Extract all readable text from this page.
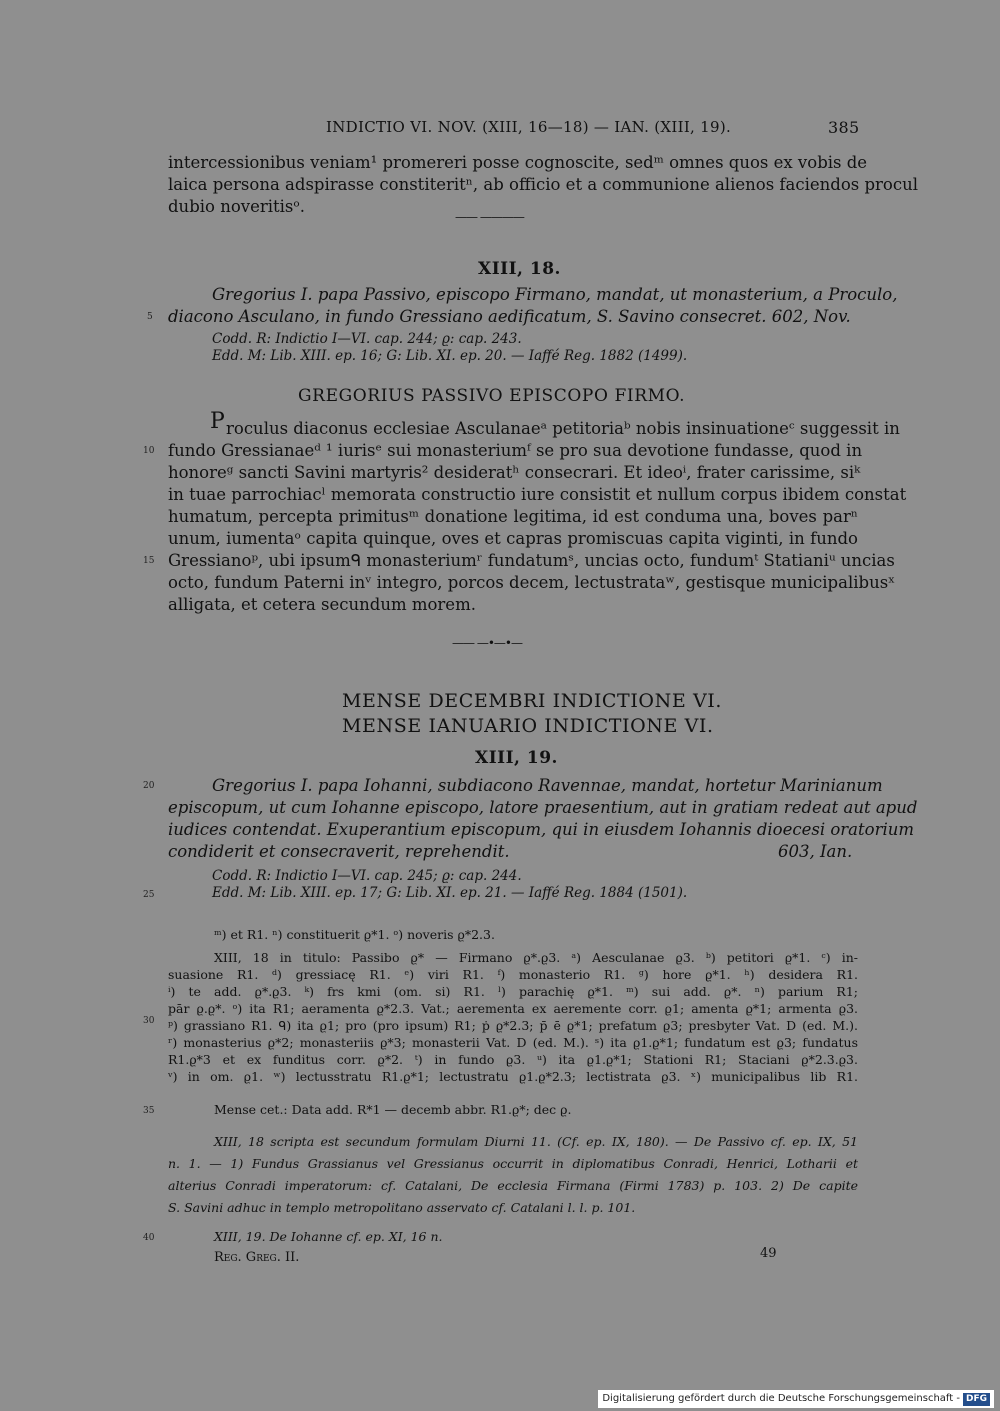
INDICTIO VI. NOV. (XIII, 16—18) — IAN. (XIII, 19).	385
intercessionibus veniam¹ promereri posse cognoscite, sedᵐ omnes quos ex vobis de
laica persona adspirasse constiteritⁿ, ab officio et a communione alienos faciendos procul
dubio noveritisᵒ.
—— ————
XIII, 18.
Gregorius I. papa Passivo, episcopo Firmano, mandat, ut monasterium, a Proculo,
diacono Asculano, in fundo Gressiano aedificatum, S. Savino consecret. 602, Nov.
Codd. R: Indictio I—VI. cap. 244; ϱ: cap. 243.
Edd. M: Lib. XIII. ep. 16; G: Lib. XI. ep. 20. — Iaffé Reg. 1882 (1499).
GREGORIUS PASSIVO EPISCOPO FIRMO.
P roculus diaconus ecclesiae Asculanaeᵃ petitoriaᵇ nobis insinuationeᶜ suggessit in
fundo Gressianaeᵈ ¹ iurisᵉ sui monasteriumᶠ se pro sua devotione fundasse, quod in
honoreᵍ sancti Savini martyris² desideratʰ consecrari. Et ideoⁱ, frater carissime, siᵏ
in tuae parrochiacˡ memorata constructio iure consistit et nullum corpus ibidem constat
humatum, percepta primitusᵐ donatione legitima, id est conduma una, boves parⁿ
unum, iumentaᵒ capita quinque, oves et capras promiscuas capita viginti, in fundo
Gressianoᵖ, ubi ipsumᑫ monasteriumʳ fundatumˢ, uncias octo, fundumᵗ Statianiᵘ uncias
octo, fundum Paterni inᵛ integro, porcos decem, lectustrataʷ, gestisque municipalibusˣ
alligata, et cetera secundum morem.
—— —•—•—
MENSE DECEMBRI INDICTIONE VI.
MENSE IANUARIO INDICTIONE VI.
XIII, 19.
Gregorius I. papa Iohanni, subdiacono Ravennae, mandat, hortetur Marinianum
episcopum, ut cum Iohanne episcopo, latore praesentium, aut in gratiam redeat aut apud
iudices contendat. Exuperantium episcopum, qui in eiusdem Iohannis dioecesi oratorium
condiderit et consecraverit, reprehendit.	603, Ian.
Codd. R: Indictio I—VI. cap. 245; ϱ: cap. 244.
Edd. M: Lib. XIII. ep. 17; G: Lib. XI. ep. 21. — Iaffé Reg. 1884 (1501).
ᵐ) et R1. ⁿ) constituerit ϱ*1. ᵒ) noveris ϱ*2.3.
XIII, 18 in titulo: Passibo ϱ* — Firmano ϱ*.ϱ3. ᵃ) Aesculanae ϱ3. ᵇ) petitori ϱ*1. ᶜ) in-
suasione R1. ᵈ) gressiacę R1. ᵉ) viri R1. ᶠ) monasterio R1. ᵍ) hore ϱ*1. ʰ) desidera R1.
ⁱ) te add. ϱ*.ϱ3. ᵏ) frs kmi (om. si) R1. ˡ) parachię ϱ*1. ᵐ) sui add. ϱ*. ⁿ) parium R1;
pār ϱ.ϱ*. ᵒ) ita R1; aeramenta ϱ*2.3. Vat.; aerementa ex aeremente corr. ϱ1; amenta ϱ*1; armenta ϱ3.
ᵖ) grassiano R1. ᑫ) ita ϱ1; pro (pro ipsum) R1; ṗ ϱ*2.3; p̄ ē ϱ*1; prefatum ϱ3; presbyter Vat. D (ed. M.).
ʳ) monasterius ϱ*2; monasteriis ϱ*3; monasterii Vat. D (ed. M.). ˢ) ita ϱ1.ϱ*1; fundatum est ϱ3; fundatus
R1.ϱ*3 et ex funditus corr. ϱ*2. ᵗ) in fundo ϱ3. ᵘ) ita ϱ1.ϱ*1; Stationi R1; Staciani ϱ*2.3.ϱ3.
ᵛ) in om. ϱ1. ʷ) lectusstratu R1.ϱ*1; lectustratu ϱ1.ϱ*2.3; lectistrata ϱ3. ˣ) municipalibus lib R1.
Mense cet.: Data add. R*1 — decemb abbr. R1.ϱ*; dec ϱ.
XIII, 18 scripta est secundum formulam Diurni 11. (Cf. ep. IX, 180). — De Passivo cf. ep. IX, 51
n. 1. — 1) Fundus Grassianus vel Gressianus occurrit in diplomatibus Conradi, Henrici, Lotharii et
alterius Conradi imperatorum: cf. Catalani, De ecclesia Firmana (Firmi 1783) p. 103. 2) De capite
S. Savini adhuc in templo metropolitano asservato cf. Catalani l. l. p. 101.
XIII, 19. De Iohanne cf. ep. XI, 16 n.
Reg. Greg. II.	49
5
10
15
20
25
30
35
40
Digitalisierung gefördert durch die Deutsche Forschungsgemeinschaft - DFG
